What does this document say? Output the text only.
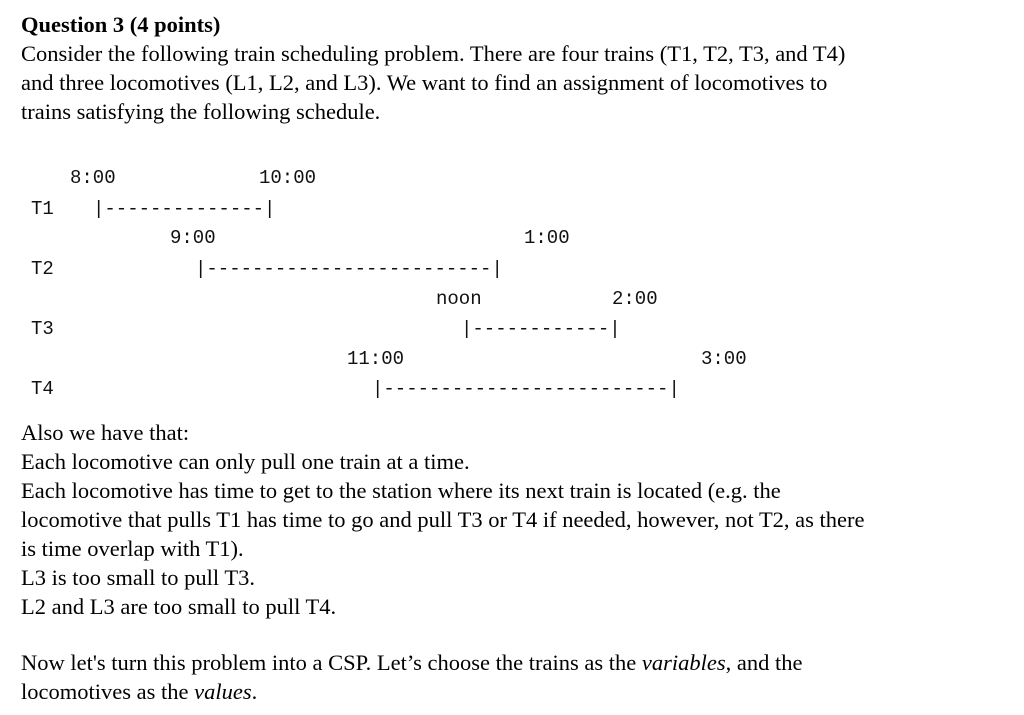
Question 3 (4 points)
Consider the following train scheduling problem. There are four trains (T1, T2, T3, and T4)
and three locomotives (L1, L2, and L3). We want to find an assignment of locomotives to
trains satisfying the following schedule.
8:00	10:00
T1 |--------------|
9:00	1:00
T2	|-------------------------|
noon	2:00
T3	|------------|
11:00	3:00
T4	|-------------------------|
Also we have that:
Each locomotive can only pull one train at a time.
Each locomotive has time to get to the station where its next train is located (e.g. the
locomotive that pulls T1 has time to go and pull T3 or T4 if needed, however, not T2, as there
is time overlap with T1).
L3 is too small to pull T3.
L2 and L3 are too small to pull T4.
Now let's turn this problem into a CSP. Let’s choose the trains as the variables, and the
locomotives as the values.
